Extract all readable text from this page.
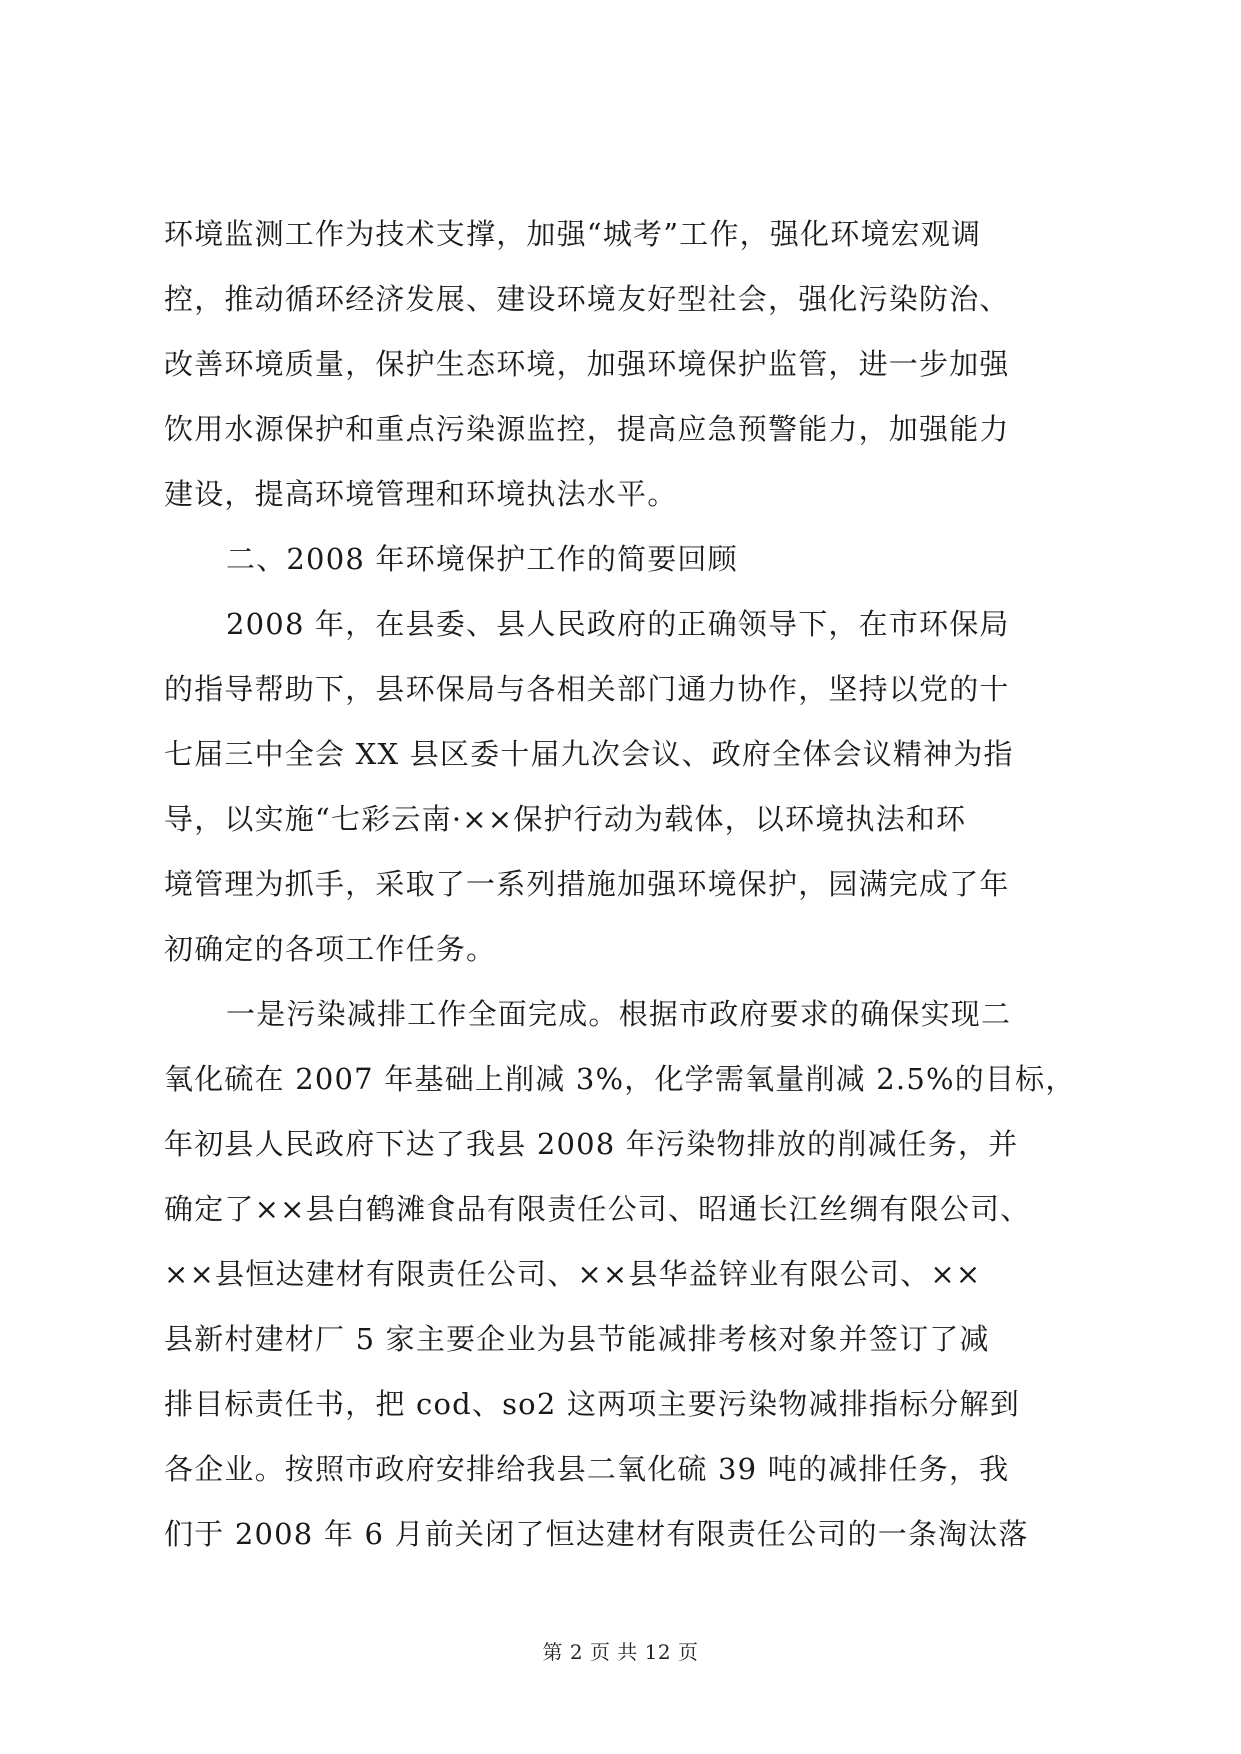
环境监测工作为技术支撑，加强“城考”工作，强化环境宏观调
控，推动循环经济发展、建设环境友好型社会，强化污染防治、
改善环境质量，保护生态环境，加强环境保护监管，进一步加强
饮用水源保护和重点污染源监控，提高应急预警能力，加强能力
建设，提高环境管理和环境执法水平。
二、2008 年环境保护工作的简要回顾
2008 年，在县委、县人民政府的正确领导下，在市环保局
的指导帮助下，县环保局与各相关部门通力协作，坚持以党的十
七届三中全会 XX 县区委十届九次会议、政府全体会议精神为指
导，以实施“七彩云南·××保护行动为载体，以环境执法和环
境管理为抓手，采取了一系列措施加强环境保护，园满完成了年
初确定的各项工作任务。
一是污染减排工作全面完成。根据市政府要求的确保实现二
氧化硫在 2007 年基础上削减 3%，化学需氧量削减 2.5%的目标，
年初县人民政府下达了我县 2008 年污染物排放的削减任务，并
确定了××县白鹤滩食品有限责任公司、昭通长江丝绸有限公司、
××县恒达建材有限责任公司、××县华益锌业有限公司、××
县新村建材厂 5 家主要企业为县节能减排考核对象并签订了减
排目标责任书，把 cod、so2 这两项主要污染物减排指标分解到
各企业。按照市政府安排给我县二氧化硫 39 吨的减排任务，我
们于 2008 年 6 月前关闭了恒达建材有限责任公司的一条淘汰落
第 2 页 共 12 页
